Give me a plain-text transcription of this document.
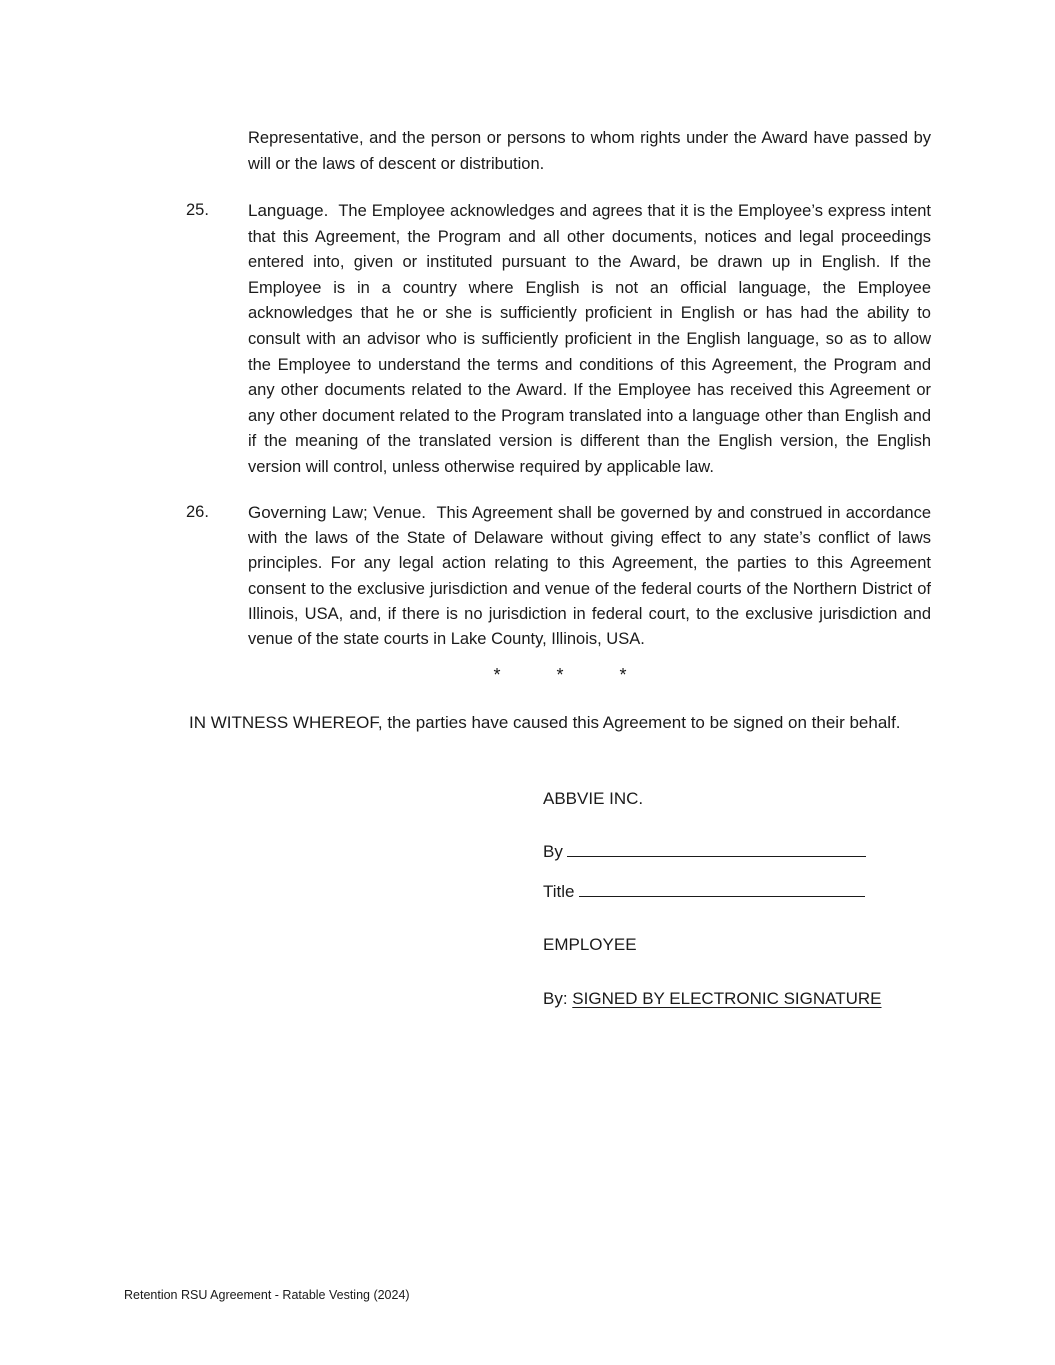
Representative, and the person or persons to whom rights under the Award have passed by will or the laws of descent or distribution.

25. Language. The Employee acknowledges and agrees that it is the Employee’s express intent that this Agreement, the Program and all other documents, notices and legal proceedings entered into, given or instituted pursuant to the Award, be drawn up in English. If the Employee is in a country where English is not an official language, the Employee acknowledges that he or she is sufficiently proficient in English or has had the ability to consult with an advisor who is sufficiently proficient in the English language, so as to allow the Employee to understand the terms and conditions of this Agreement, the Program and any other documents related to the Award. If the Employee has received this Agreement or any other document related to the Program translated into a language other than English and if the meaning of the translated version is different than the English version, the English version will control, unless otherwise required by applicable law.

26. Governing Law; Venue. This Agreement shall be governed by and construed in accordance with the laws of the State of Delaware without giving effect to any state’s conflict of laws principles. For any legal action relating to this Agreement, the parties to this Agreement consent to the exclusive jurisdiction and venue of the federal courts of the Northern District of Illinois, USA, and, if there is no jurisdiction in federal court, to the exclusive jurisdiction and venue of the state courts in Lake County, Illinois, USA.

*	*	*
IN WITNESS WHEREOF, the parties have caused this Agreement to be signed on their behalf.
ABBVIE INC.
By
Title
EMPLOYEE
By: SIGNED BY ELECTRONIC SIGNATURE
Retention RSU Agreement - Ratable Vesting (2024)
